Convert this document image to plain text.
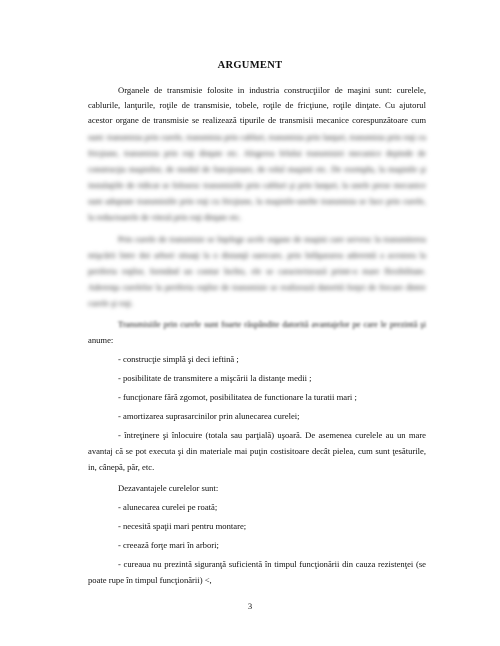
ARGUMENT
Organele de transmisie folosite in industria construcţiilor de maşini sunt: curelele,
cablurile, lanţurile, roţile de transmisie, tobele, roţile de fricţiune, roţile dinţate. Cu ajutorul
acestor organe de transmisie se realizează tipurile de transmisii mecanice corespunzătoare cum
sunt: transmisia prin curele, transmisia prin cabluri, transmisia prin lanţuri, transmisia prin roţi cu
fricţiune, transmisia prin roţi dinţate etc. Alegerea felului transmisiei mecanice depinde de
construcţia maşinilor, de modul de funcţionare, de rolul maşinii etc. De exemplu, la maşinile şi
instalaţiile de ridicat se folosesc transmisiile prin cabluri şi prin lanţuri, la unele prese mecanice
sunt adoptate transmisiile prin roţi cu fricţiune, la maşinile-unelte transmisia se face prin curele,
la reductoarele de viteză prin roţi dinţate etc.
Prin curele de transmisie se înţelege acele organe de maşini care servesc la transmiterea
mişcării între doi arbori situaţi la o distanţă oarecare, prin înfăşurarea aderentă a acestora la
periferia roţilor, formând un contur închis, ele se caracterizează printr-o mare flexibilitate.
Aderenţa curelelor la periferia roţilor de transmisie se realizează datorită forţei de frecare dintre
curele şi roţi.
Transmisiile prin curele sunt foarte răspândite datorită avantajelor pe care le prezintă şi
anume:
- construcţie simplă şi deci ieftină ;
- posibilitate de transmitere a mişcării la distanţe medii ;
- funcţionare fără zgomot, posibilitatea de functionare la turatii mari ;
- amortizarea suprasarcinilor prin alunecarea curelei;
- întreţinere şi înlocuire (totala sau parţială) uşoară. De asemenea curelele au un mare
avantaj că se pot executa şi din materiale mai puţin costisitoare decât pielea, cum sunt ţesăturile,
in, cânepă, păr, etc.
Dezavantajele curelelor sunt:
- alunecarea curelei pe roată;
- necesită spaţii mari pentru montare;
- creează forţe mari în arbori;
- cureaua nu prezintă siguranţă suficientă în timpul funcţionării din cauza rezistenţei (se
poate rupe în timpul funcţionării) <,
3
